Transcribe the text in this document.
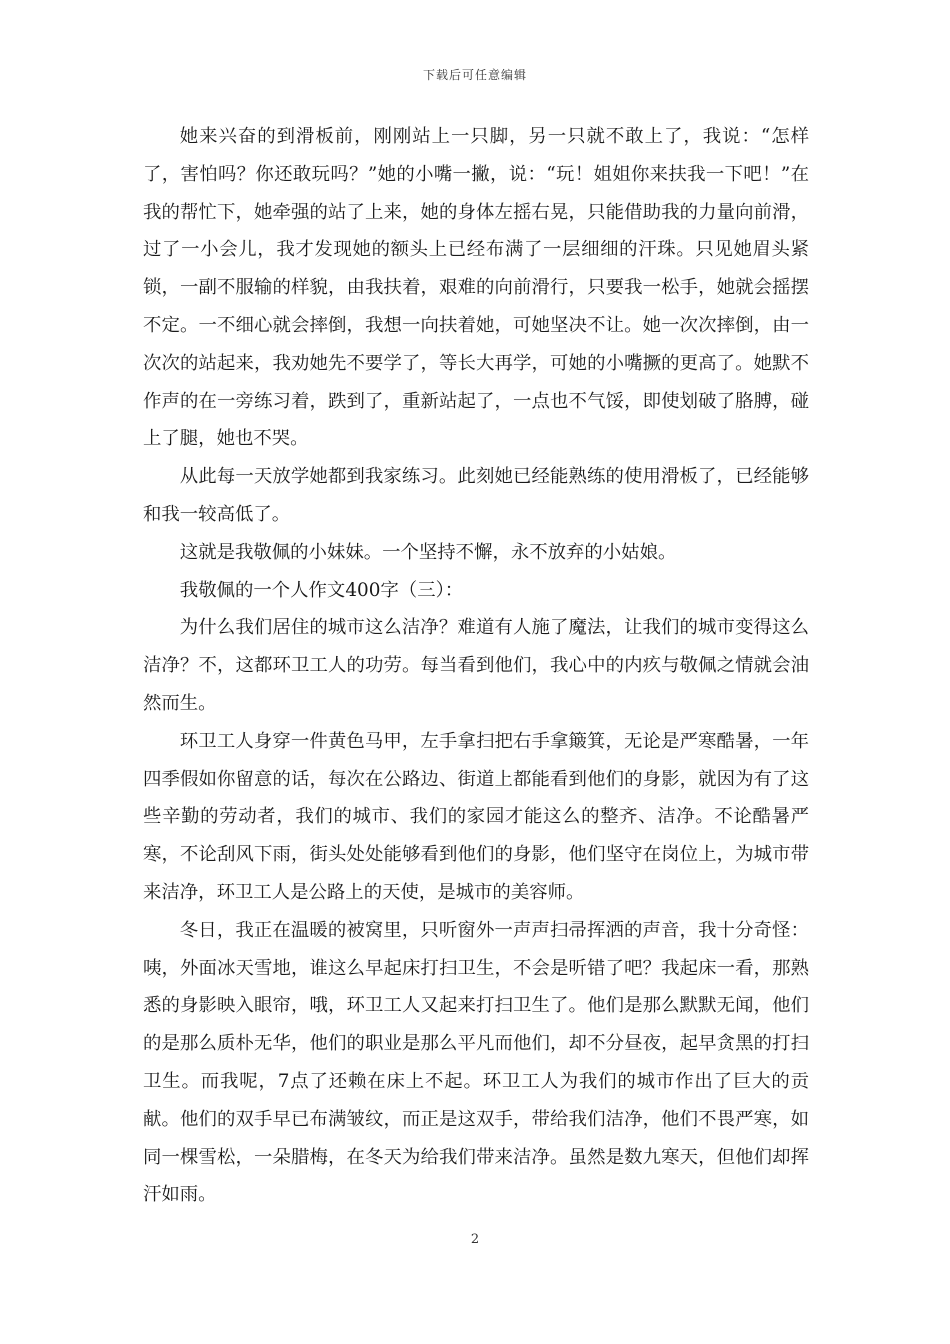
下载后可任意编辑

她来兴奋的到滑板前，刚刚站上一只脚，另一只就不敢上了，我说：“怎样了，害怕吗？你还敢玩吗？”她的小嘴一撇，说：“玩！姐姐你来扶我一下吧！”在我的帮忙下，她牵强的站了上来，她的身体左摇右晃，只能借助我的力量向前滑，过了一小会儿，我才发现她的额头上已经布满了一层细细的汗珠。只见她眉头紧锁，一副不服输的样貌，由我扶着，艰难的向前滑行，只要我一松手，她就会摇摆不定。一不细心就会摔倒，我想一向扶着她，可她坚决不让。她一次次摔倒，由一次次的站起来，我劝她先不要学了，等长大再学，可她的小嘴撅的更高了。她默不作声的在一旁练习着，跌到了，重新站起了，一点也不气馁，即使划破了胳膊，碰上了腿，她也不哭。

从此每一天放学她都到我家练习。此刻她已经能熟练的使用滑板了，已经能够和我一较高低了。

这就是我敬佩的小妹妹。一个坚持不懈，永不放弃的小姑娘。

我敬佩的一个人作文400字（三）：

为什么我们居住的城市这么洁净？难道有人施了魔法，让我们的城市变得这么洁净？不，这都环卫工人的功劳。每当看到他们，我心中的内疚与敬佩之情就会油然而生。

环卫工人身穿一件黄色马甲，左手拿扫把右手拿簸箕，无论是严寒酷暑，一年四季假如你留意的话，每次在公路边、街道上都能看到他们的身影，就因为有了这些辛勤的劳动者，我们的城市、我们的家园才能这么的整齐、洁净。不论酷暑严寒，不论刮风下雨，街头处处能够看到他们的身影，他们坚守在岗位上，为城市带来洁净，环卫工人是公路上的天使，是城市的美容师。

冬日，我正在温暖的被窝里，只听窗外一声声扫帚挥洒的声音，我十分奇怪：咦，外面冰天雪地，谁这么早起床打扫卫生，不会是听错了吧？我起床一看，那熟悉的身影映入眼帘，哦，环卫工人又起来打扫卫生了。他们是那么默默无闻，他们的是那么质朴无华，他们的职业是那么平凡而他们，却不分昼夜，起早贪黑的打扫卫生。而我呢，7点了还赖在床上不起。环卫工人为我们的城市作出了巨大的贡献。他们的双手早已布满皱纹，而正是这双手，带给我们洁净，他们不畏严寒，如同一棵雪松，一朵腊梅，在冬天为给我们带来洁净。虽然是数九寒天，但他们却挥汗如雨。

2
